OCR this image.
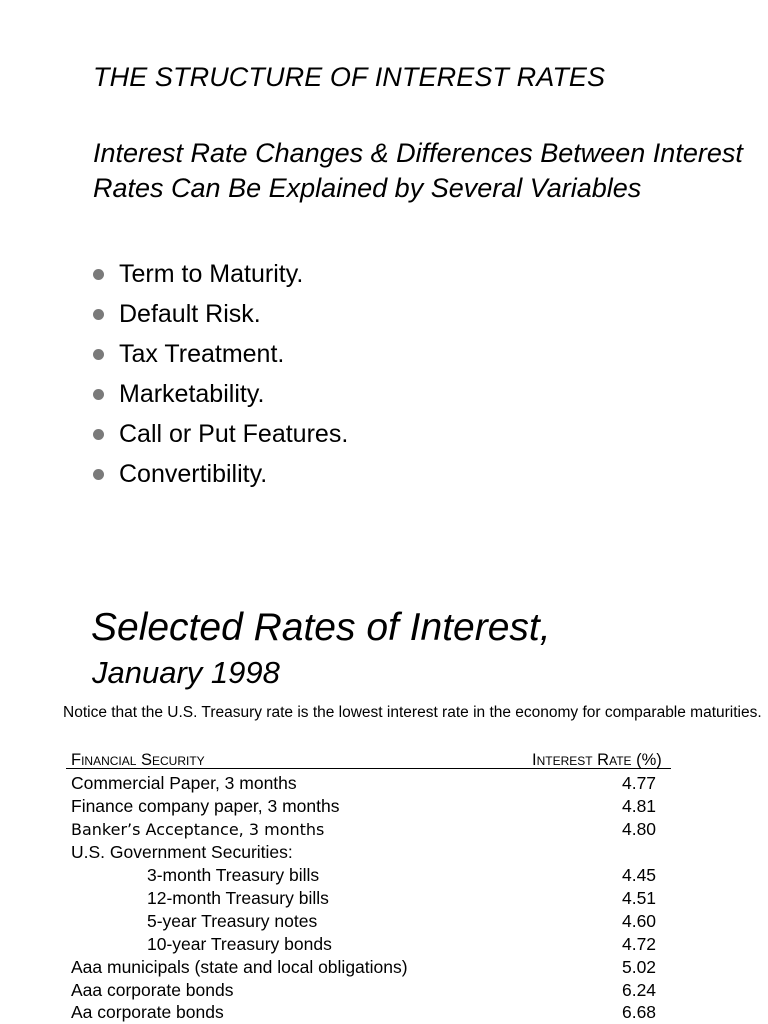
THE STRUCTURE OF INTEREST RATES

Interest Rate Changes & Differences Between Interest Rates Can Be Explained by Several Variables

Term to Maturity.
Default Risk.
Tax Treatment.
Marketability.
Call or Put Features.
Convertibility.
Selected Rates of Interest,
January 1998

Notice that the U.S. Treasury rate is the lowest interest rate in the economy for comparable maturities.

Financial Security	Interest Rate (%)
Commercial Paper, 3 months	4.77
Finance company paper, 3 months	4.81
Banker’s Acceptance, 3 months	4.80
U.S. Government Securities:
3-month Treasury bills	4.45
12-month Treasury bills	4.51
5-year Treasury notes	4.60
10-year Treasury bonds	4.72
Aaa municipals (state and local obligations)	5.02
Aaa corporate bonds	6.24
Aa corporate bonds	6.68
